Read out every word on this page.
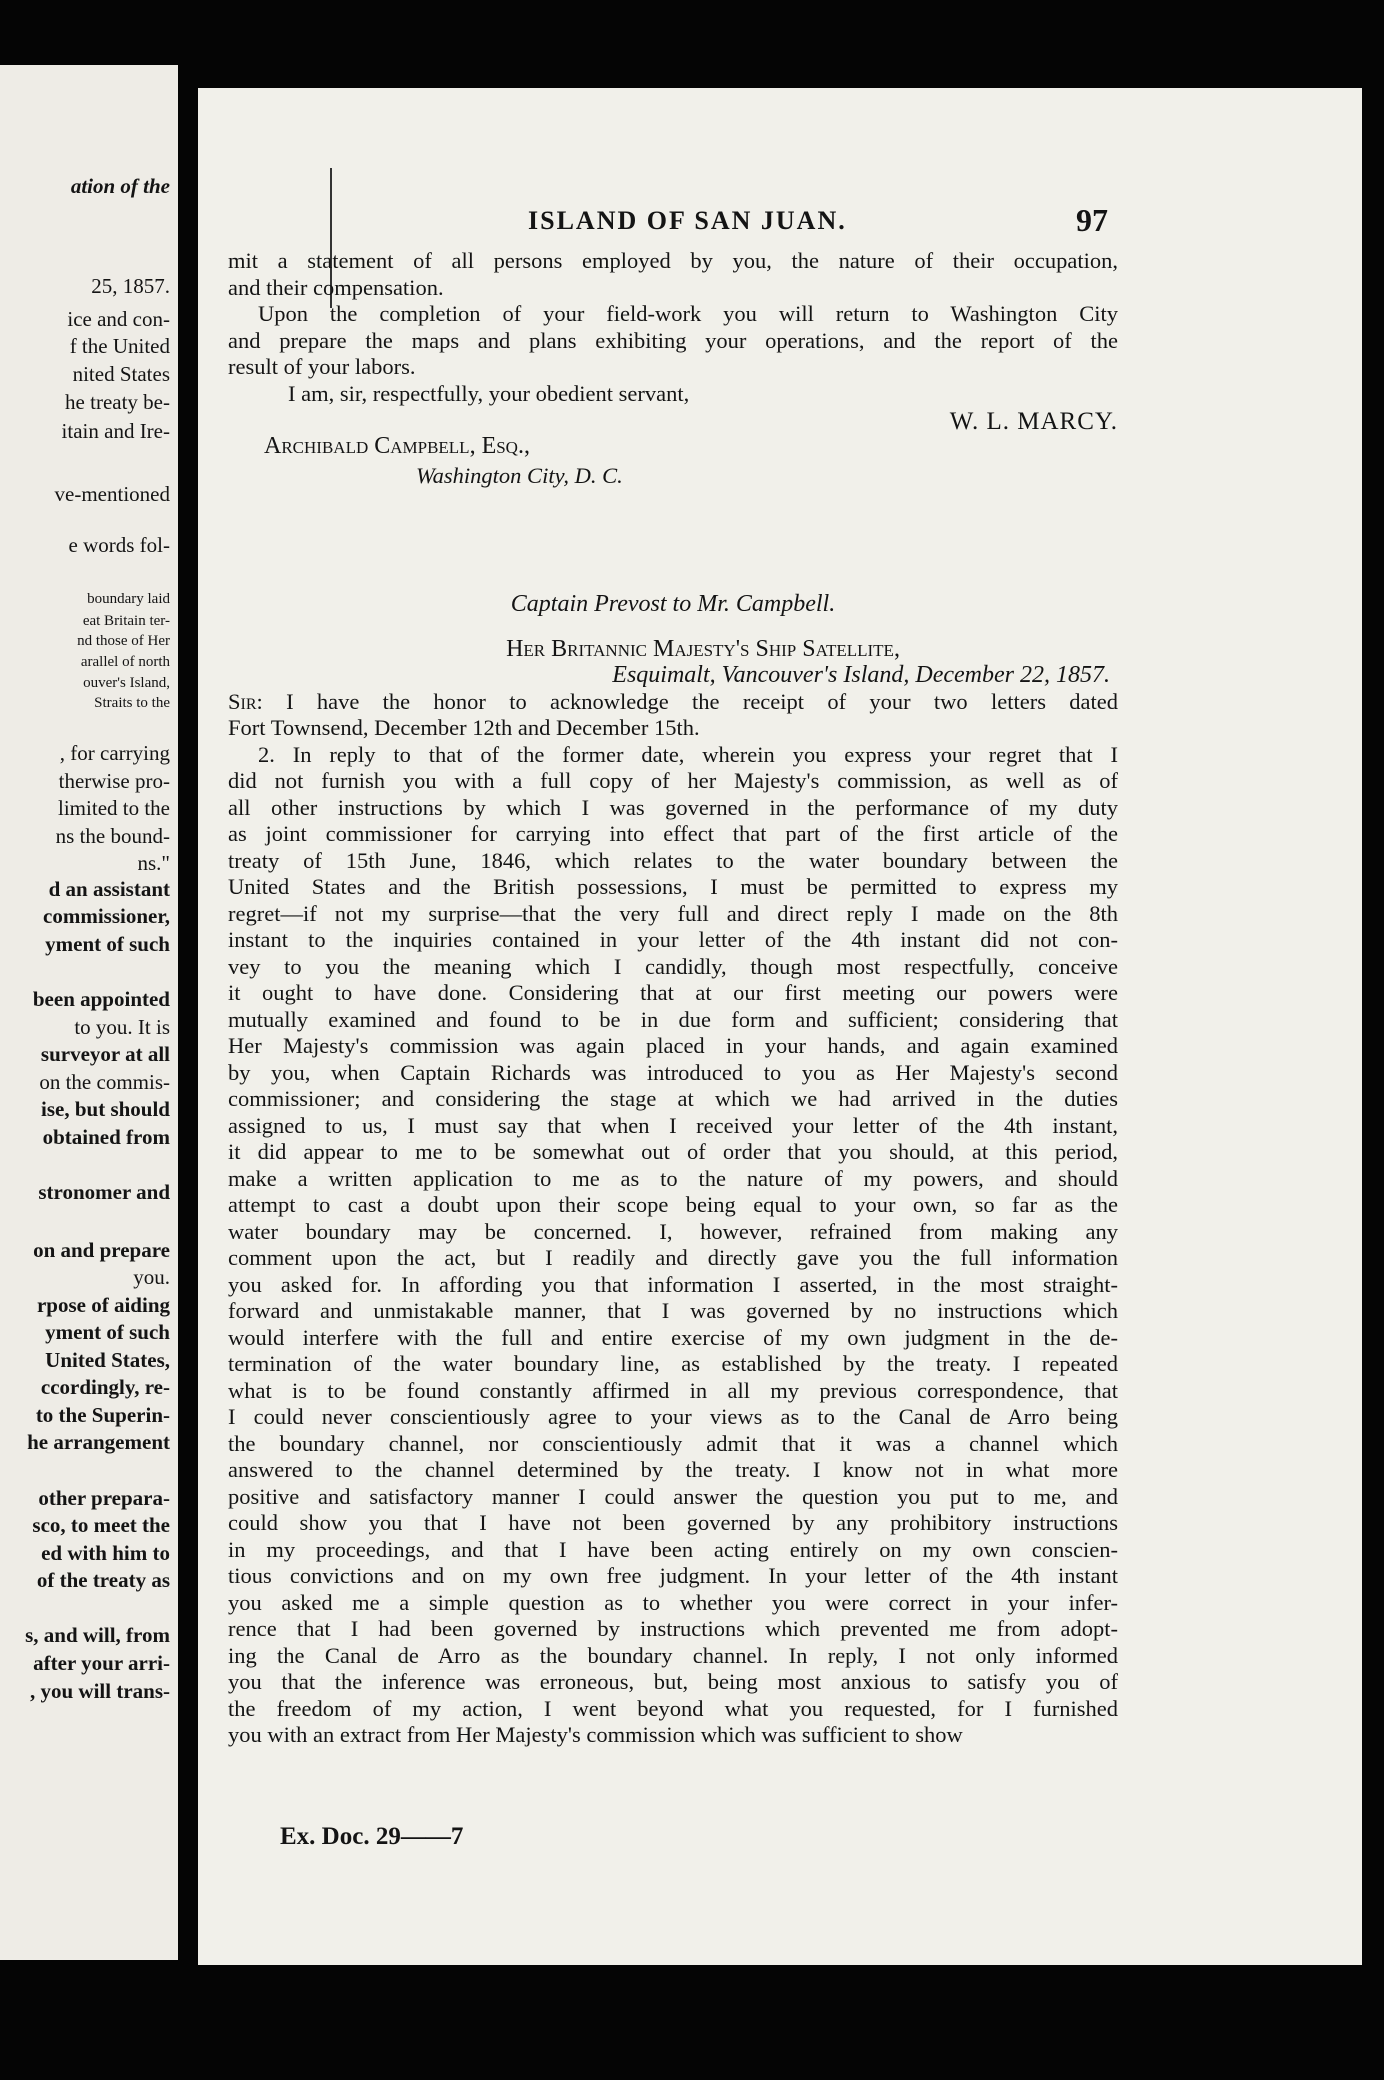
ation of the
25, 1857.
ice and con-
f the United
nited States
he treaty be-
itain and Ire-
ve-mentioned
e words fol-
boundary laid
eat Britain ter-
nd those of Her
arallel of north
ouver's Island,
Straits to the
, for carrying
therwise pro-
limited to the
ns the bound-
ns."
d an assistant
commissioner,
yment of such
been appointed
to you. It is
surveyor at all
on the commis-
ise, but should
obtained from
stronomer and
on and prepare
you.
rpose of aiding
yment of such
United States,
ccordingly, re-
to the Superin-
he arrangement
other prepara-
sco, to meet the
ed with him to
of the treaty as
s, and will, from
after your arri-
, you will trans-
ISLAND OF SAN JUAN.	97
mit a statement of all persons employed by you, the nature of their occupation,
and their compensation.
Upon the completion of your field-work you will return to Washington City
and prepare the maps and plans exhibiting your operations, and the report of the
result of your labors.
I am, sir, respectfully, your obedient servant,
W. L. MARCY.
Archibald Campbell, Esq.,
Washington City, D. C.
Captain Prevost to Mr. Campbell.
Her Britannic Majesty's Ship Satellite,
Esquimalt, Vancouver's Island, December 22, 1857.
Sir: I have the honor to acknowledge the receipt of your two letters dated
Fort Townsend, December 12th and December 15th.
2. In reply to that of the former date, wherein you express your regret that I
did not furnish you with a full copy of her Majesty's commission, as well as of
all other instructions by which I was governed in the performance of my duty
as joint commissioner for carrying into effect that part of the first article of the
treaty of 15th June, 1846, which relates to the water boundary between the
United States and the British possessions, I must be permitted to express my
regret—if not my surprise—that the very full and direct reply I made on the 8th
instant to the inquiries contained in your letter of the 4th instant did not con-
vey to you the meaning which I candidly, though most respectfully, conceive
it ought to have done. Considering that at our first meeting our powers were
mutually examined and found to be in due form and sufficient; considering that
Her Majesty's commission was again placed in your hands, and again examined
by you, when Captain Richards was introduced to you as Her Majesty's second
commissioner; and considering the stage at which we had arrived in the duties
assigned to us, I must say that when I received your letter of the 4th instant,
it did appear to me to be somewhat out of order that you should, at this period,
make a written application to me as to the nature of my powers, and should
attempt to cast a doubt upon their scope being equal to your own, so far as the
water boundary may be concerned. I, however, refrained from making any
comment upon the act, but I readily and directly gave you the full information
you asked for. In affording you that information I asserted, in the most straight-
forward and unmistakable manner, that I was governed by no instructions which
would interfere with the full and entire exercise of my own judgment in the de-
termination of the water boundary line, as established by the treaty. I repeated
what is to be found constantly affirmed in all my previous correspondence, that
I could never conscientiously agree to your views as to the Canal de Arro being
the boundary channel, nor conscientiously admit that it was a channel which
answered to the channel determined by the treaty. I know not in what more
positive and satisfactory manner I could answer the question you put to me, and
could show you that I have not been governed by any prohibitory instructions
in my proceedings, and that I have been acting entirely on my own conscien-
tious convictions and on my own free judgment. In your letter of the 4th instant
you asked me a simple question as to whether you were correct in your infer-
rence that I had been governed by instructions which prevented me from adopt-
ing the Canal de Arro as the boundary channel. In reply, I not only informed
you that the inference was erroneous, but, being most anxious to satisfy you of
the freedom of my action, I went beyond what you requested, for I furnished
you with an extract from Her Majesty's commission which was sufficient to show
Ex. Doc. 29——7
